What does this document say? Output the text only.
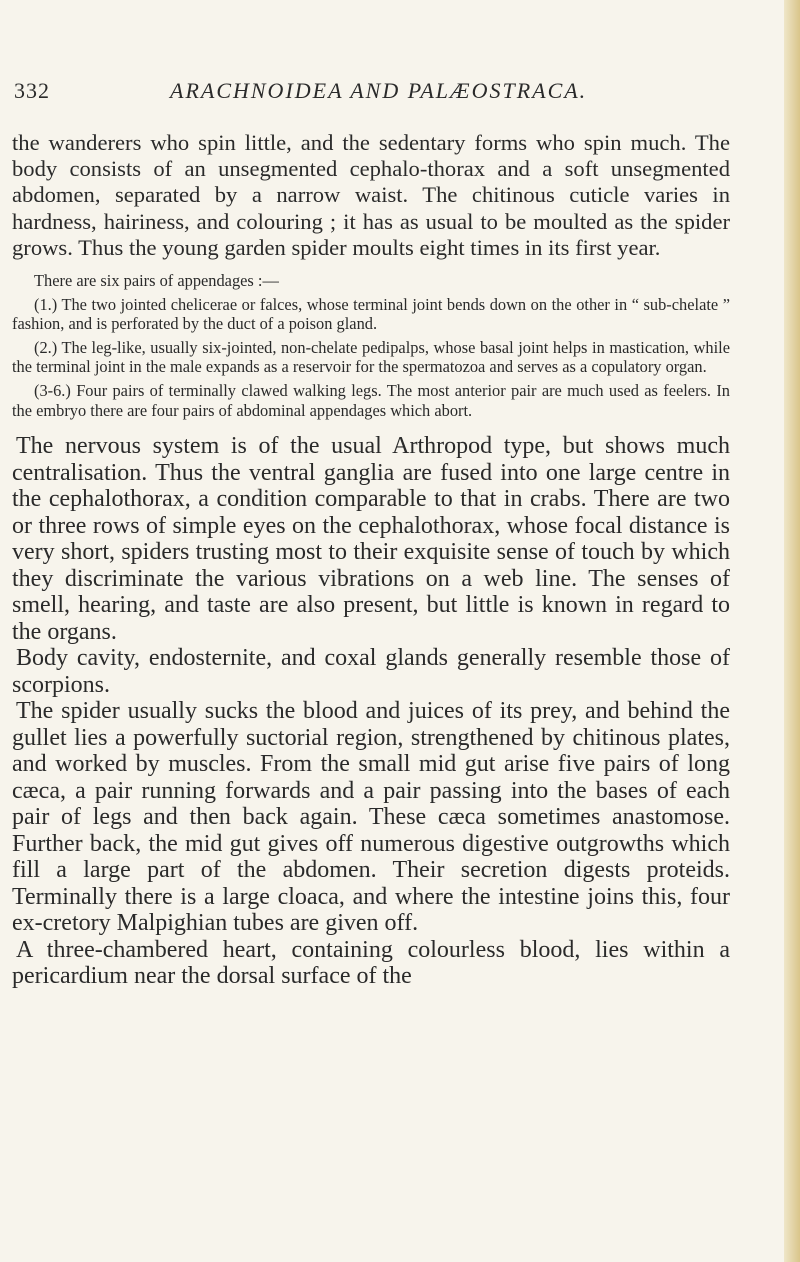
332	ARACHNOIDEA AND PALÆOSTRACA.

the wanderers who spin little, and the sedentary forms who spin much. The body consists of an unsegmented cephalo-thorax and a soft unsegmented abdomen, separated by a narrow waist. The chitinous cuticle varies in hardness, hairiness, and colouring ; it has as usual to be moulted as the spider grows. Thus the young garden spider moults eight times in its first year.

There are six pairs of appendages :—

(1.) The two jointed chelicerae or falces, whose terminal joint bends down on the other in “ sub-chelate ” fashion, and is perforated by the duct of a poison gland.

(2.) The leg-like, usually six-jointed, non-chelate pedipalps, whose basal joint helps in mastication, while the terminal joint in the male expands as a reservoir for the spermatozoa and serves as a copulatory organ.

(3-6.) Four pairs of terminally clawed walking legs. The most anterior pair are much used as feelers. In the embryo there are four pairs of abdominal appendages which abort.

The nervous system is of the usual Arthropod type, but shows much centralisation. Thus the ventral ganglia are fused into one large centre in the cephalothorax, a condition comparable to that in crabs. There are two or three rows of simple eyes on the cephalothorax, whose focal distance is very short, spiders trusting most to their exquisite sense of touch by which they discriminate the various vibrations on a web line. The senses of smell, hearing, and taste are also present, but little is known in regard to the organs.

Body cavity, endosternite, and coxal glands generally resemble those of scorpions.

The spider usually sucks the blood and juices of its prey, and behind the gullet lies a powerfully suctorial region, strengthened by chitinous plates, and worked by muscles. From the small mid gut arise five pairs of long cæca, a pair running forwards and a pair passing into the bases of each pair of legs and then back again. These cæca sometimes anastomose. Further back, the mid gut gives off numerous digestive outgrowths which fill a large part of the abdomen. Their secretion digests proteids. Terminally there is a large cloaca, and where the intestine joins this, four ex-cretory Malpighian tubes are given off.

A three-chambered heart, containing colourless blood, lies within a pericardium near the dorsal surface of the
